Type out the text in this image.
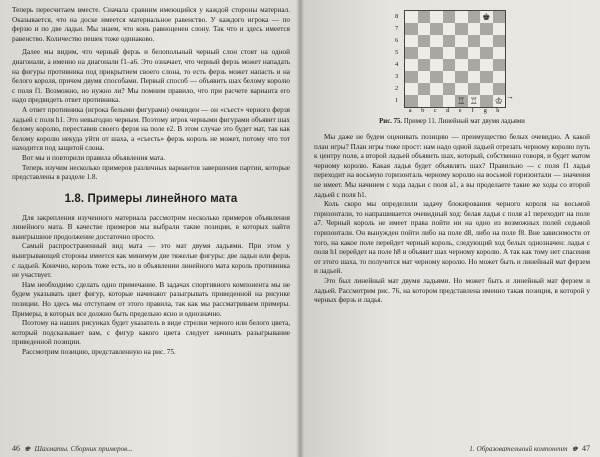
Теперь пересчитаем вместе. Сначала сравним имеющийся у каждой стороны материал. Оказывается, что на доске имеется материальное равенство. У каждого игрока — по ферзю и по две ладьи. Мы знаем, что конь равноценен слону. Так что и здесь имеется равенство. Количество пешек тоже одинаково.

Далее мы видим, что черный ферзь и белопольный черный слон стоят на одной диагонали, а именно на диагонали f1–a6. Это означает, что черный ферзь может нападать на фигуры противника под прикрытием своего слона, то есть ферзь может напасть и на белого короля, причем двумя способами. Первый способ — объявить шах белому королю с поля f1. Возможно, но нужно ли? Мы помним правило, что при расчете варианта его надо предвидеть ответ противника.

А ответ противника (игрока белыми фигурами) очевиден — он «съест» черного ферзя ладьей с поля h1. Это невыгодно черным. Поэтому игрок черными фигурами объявит шах белому королю, переставив своего ферзя на поле e2. В этом случае это будет мат, так как белому королю некуда уйти от шаха, а «съесть» ферзь король не может, потому что тот находится под защитой слона.

Вот мы и повторили правила объявления мата.

Теперь изучим несколько примеров различных вариантов завершения партии, которые представлены в разделе 1.8.

1.8. Примеры линейного мата

Для закрепления изученного материала рассмотрим несколько примеров объявления линейного мата. В качестве примеров мы выбрали такие позиции, в которых найти выигрышное продолжение достаточно просто.

Самый распространенный вид мата — это мат двумя ладьями. При этом у выигрывающей стороны имеется как минимум две тяжелые фигуры: две ладьи или ферзь с ладьей. Конечно, король тоже есть, но в объявлении линейного мата король противника не участвует.

Нам необходимо сделать одно примечание. В задачах спортивного компонента мы не будем указывать цвет фигур, которые начинают разыгрывать приведенной на рисунке позиции. Но здесь мы отступаем от этого правила, так как мы рассматриваем примеры. Примеры, в которых все должно быть предельно ясно и однозначно.

Поэтому на наших рисунках будет указатель в виде стрелки черного или белого цвета, который подсказывает вам, с фигур какого цвета следует начинать разыгрывание приведенной позиции.

Рассмотрим позицию, представленную на рис. 75.

46 ♚ Шахматы. Сборник примеров...
8
7
6
5
4
3
2
1
♚
♖ ♖ ♔
a	b	c	d	e	f	g	h
→
Рис. 75. Пример 11. Линейный мат двумя ладьями

Мы даже не будем оценивать позицию — преимущество белых очевидно. А какой план игры? План игры тоже прост: нам надо одной ладьей отрезать черному королю путь к центру поля, а второй ладьей объявить шах, который, собственно говоря, и будет матом черному королю. Какая ладья будет объявлять шах? Правильно — с поля f1 ладья переходит на восьмую горизонталь черному королю на восьмой горизонтали — значения не имеет. Мы начинем с хода ладьи с поля a1, а вы проделаете такие же ходы со второй ладьей с поля h1.

Коль скоро мы определили задачу блокирования черного короля на восьмой горизонтали, то напрашивается очевидный ход: белая ладья с поля a1 переходит на поле a7. Черный король не имеет права пойти ни на одно из возможных полей седьмой горизонтали. Он вынужден пойти либо на поле d8, либо на поле f8. Вне зависимости от того, на какое поле перейдет черный король, следующий ход белых однозначен: ладья с поля h1 перейдет на поле h8 и объявит шах черному королю. А так как тому нет спасения от этого шаха, то получится мат черному королю. Но может быть и линейный мат ферзем и ладьей.

Это был линейный мат двумя ладьями. Но может быть и линейный мат ферзем и ладьей. Рассмотрим рис. 76, на котором представлена именно такая позиция, в которой у черных ферзь и ладья.

1. Образовательный компонент ♚ 47
